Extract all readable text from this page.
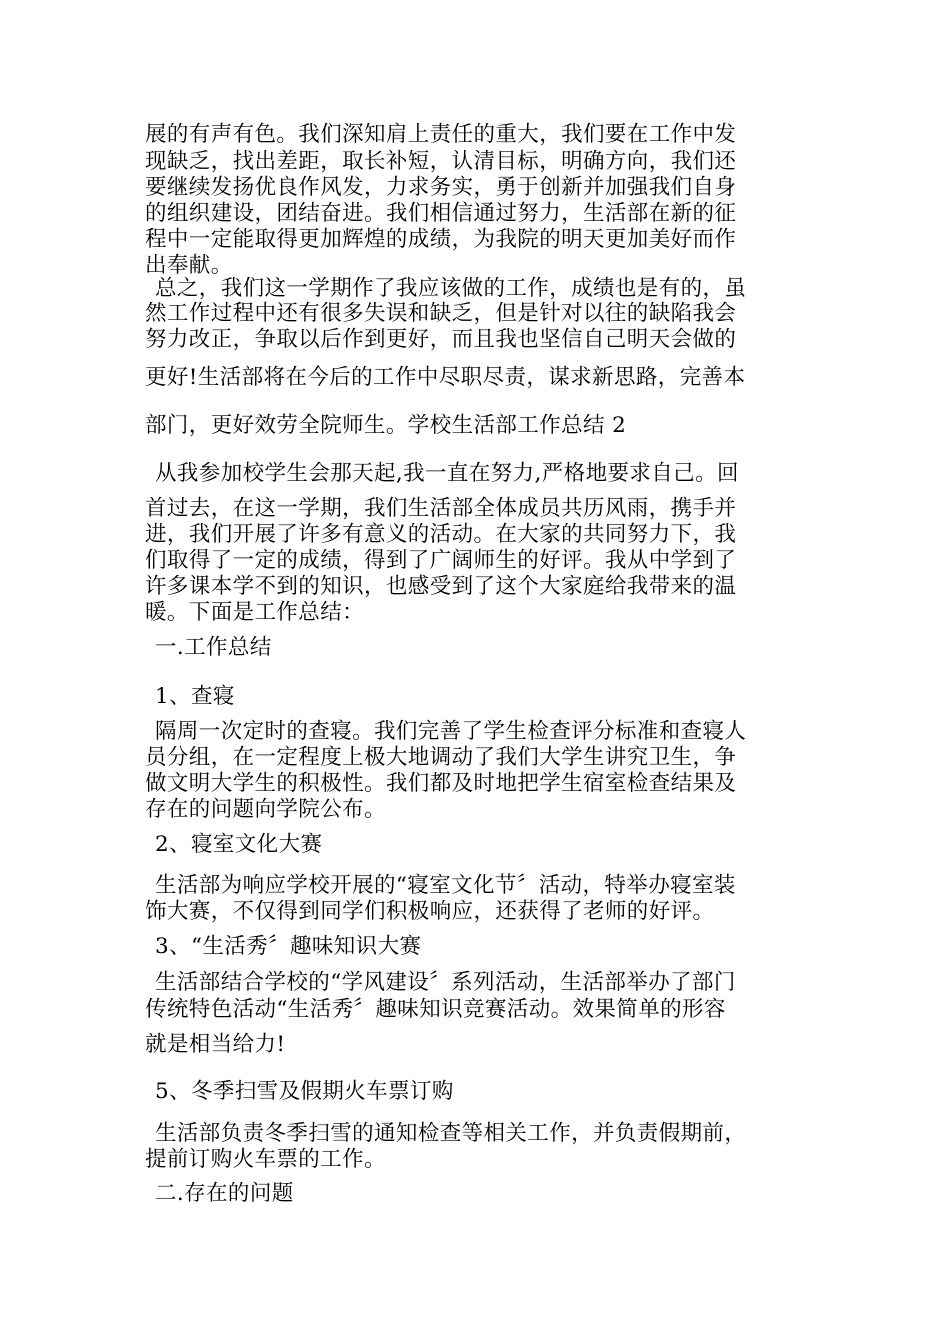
展的有声有色。我们深知肩上责任的重大，我们要在工作中发
现缺乏，找出差距，取长补短，认清目标，明确方向，我们还
要继续发扬优良作风发，力求务实，勇于创新并加强我们自身
的组织建设，团结奋进。我们相信通过努力，生活部在新的征
程中一定能取得更加辉煌的成绩，为我院的明天更加美好而作
出奉献。
总之，我们这一学期作了我应该做的工作，成绩也是有的，虽
然工作过程中还有很多失误和缺乏，但是针对以往的缺陷我会
努力改正，争取以后作到更好，而且我也坚信自己明天会做的
更好!生活部将在今后的工作中尽职尽责，谋求新思路，完善本
部门，更好效劳全院师生。学校生活部工作总结 2
从我参加校学生会那天起,我一直在努力,严格地要求自己。回
首过去，在这一学期，我们生活部全体成员共历风雨，携手并
进，我们开展了许多有意义的活动。在大家的共同努力下，我
们取得了一定的成绩，得到了广阔师生的好评。我从中学到了
许多课本学不到的知识，也感受到了这个大家庭给我带来的温
暖。下面是工作总结：
一.工作总结
1、查寝
隔周一次定时的查寝。我们完善了学生检查评分标准和查寝人
员分组，在一定程度上极大地调动了我们大学生讲究卫生，争
做文明大学生的积极性。我们都及时地把学生宿室检查结果及
存在的问题向学院公布。
2、寝室文化大赛
生活部为响应学校开展的“寝室文化节〞活动，特举办寝室装
饰大赛，不仅得到同学们积极响应，还获得了老师的好评。
3、“生活秀〞趣味知识大赛
生活部结合学校的“学风建设〞系列活动，生活部举办了部门
传统特色活动“生活秀〞趣味知识竞赛活动。效果简单的形容
就是相当给力!
5、冬季扫雪及假期火车票订购
生活部负责冬季扫雪的通知检查等相关工作，并负责假期前，
提前订购火车票的工作。
二.存在的问题
